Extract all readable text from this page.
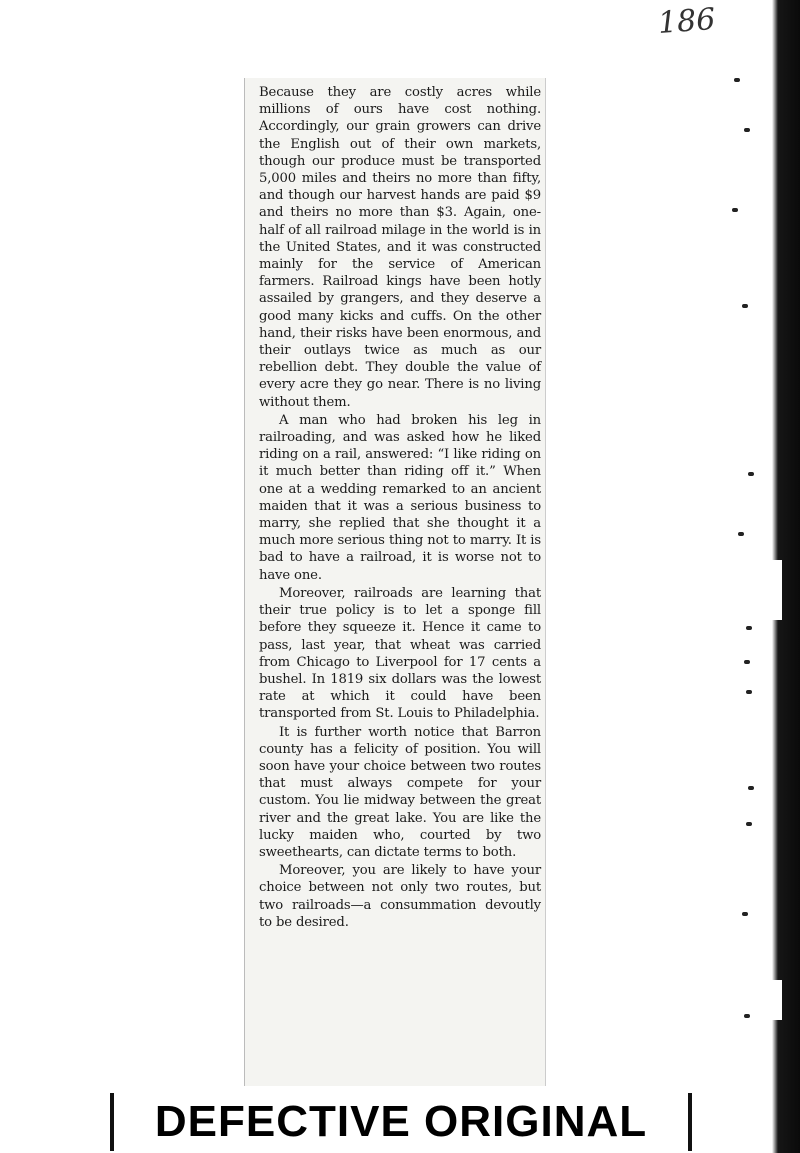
186

Because they are costly acres while millions of ours have cost nothing. Accordingly, our grain growers can drive the English out of their own markets, though our produce must be transported 5,000 miles and theirs no more than fifty, and though our harvest hands are paid $9 and theirs no more than $3. Again, one-half of all railroad milage in the world is in the United States, and it was constructed mainly for the service of American farmers. Railroad kings have been hotly assailed by grangers, and they deserve a good many kicks and cuffs. On the other hand, their risks have been enormous, and their outlays twice as much as our rebellion debt. They double the value of every acre they go near. There is no living without them.

A man who had broken his leg in railroading, and was asked how he liked riding on a rail, answered: “I like riding on it much better than riding off it.” When one at a wedding remarked to an ancient maiden that it was a serious business to marry, she replied that she thought it a much more serious thing not to marry. It is bad to have a railroad, it is worse not to have one.

Moreover, railroads are learning that their true policy is to let a sponge fill before they squeeze it. Hence it came to pass, last year, that wheat was carried from Chicago to Liverpool for 17 cents a bushel. In 1819 six dollars was the lowest rate at which it could have been transported from St. Louis to Philadelphia.

It is further worth notice that Barron county has a felicity of position. You will soon have your choice between two routes that must always compete for your custom. You lie midway between the great river and the great lake. You are like the lucky maiden who, courted by two sweethearts, can dictate terms to both.

Moreover, you are likely to have your choice between not only two routes, but two railroads—a consummation devoutly to be desired.

DEFECTIVE ORIGINAL
